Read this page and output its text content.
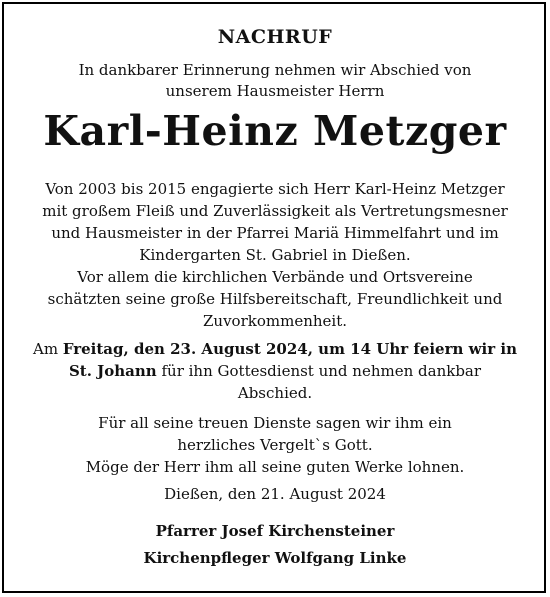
NACHRUF
In dankbarer Erinnerung nehmen wir Abschied von
unserem Hausmeister Herrn
Karl-Heinz Metzger
Von 2003 bis 2015 engagierte sich Herr Karl-Heinz Metzger
mit großem Fleiß und Zuverlässigkeit als Vertretungsmesner
und Hausmeister in der Pfarrei Mariä Himmelfahrt und im
Kindergarten St. Gabriel in Dießen.
Vor allem die kirchlichen Verbände und Ortsvereine
schätzten seine große Hilfsbereitschaft, Freundlichkeit und
Zuvorkommenheit.
Am Freitag, den 23. August 2024, um 14 Uhr feiern wir in
St. Johann für ihn Gottesdienst und nehmen dankbar
Abschied.
Für all seine treuen Dienste sagen wir ihm ein
herzliches Vergelt`s Gott.
Möge der Herr ihm all seine guten Werke lohnen.
Dießen, den 21. August 2024
Pfarrer Josef Kirchensteiner
Kirchenpfleger Wolfgang Linke
